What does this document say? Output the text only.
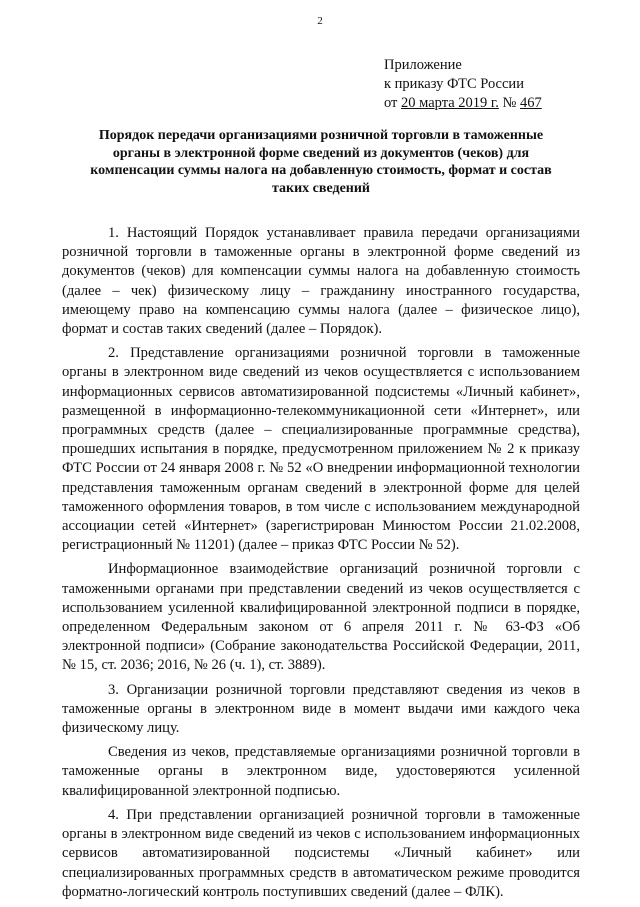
2
Приложение
к приказу ФТС России
от 20 марта 2019 г. № 467
Порядок передачи организациями розничной торговли в таможенные органы в электронной форме сведений из документов (чеков) для компенсации суммы налога на добавленную стоимость, формат и состав таких сведений

1. Настоящий Порядок устанавливает правила передачи организациями розничной торговли в таможенные органы в электронной форме сведений из документов (чеков) для компенсации суммы налога на добавленную стоимость (далее – чек) физическому лицу – гражданину иностранного государства, имеющему право на компенсацию суммы налога (далее – физическое лицо), формат и состав таких сведений (далее – Порядок).

2. Представление организациями розничной торговли в таможенные органы в электронном виде сведений из чеков осуществляется с использованием информационных сервисов автоматизированной подсистемы «Личный кабинет», размещенной в информационно-телекоммуникационной сети «Интернет», или программных средств (далее – специализированные программные средства), прошедших испытания в порядке, предусмотренном приложением № 2 к приказу ФТС России от 24 января 2008 г. № 52 «О внедрении информационной технологии представления таможенным органам сведений в электронной форме для целей таможенного оформления товаров, в том числе с использованием международной ассоциации сетей «Интернет» (зарегистрирован Минюстом России 21.02.2008, регистрационный № 11201) (далее – приказ ФТС России № 52).

Информационное взаимодействие организаций розничной торговли с таможенными органами при представлении сведений из чеков осуществляется с использованием усиленной квалифицированной электронной подписи в порядке, определенном Федеральным законом от 6 апреля 2011 г. № 63-ФЗ «Об электронной подписи» (Собрание законодательства Российской Федерации, 2011, № 15, ст. 2036; 2016, № 26 (ч. 1), ст. 3889).

3. Организации розничной торговли представляют сведения из чеков в таможенные органы в электронном виде в момент выдачи ими каждого чека физическому лицу.

Сведения из чеков, представляемые организациями розничной торговли в таможенные органы в электронном виде, удостоверяются усиленной квалифицированной электронной подписью.

4. При представлении организацией розничной торговли в таможенные органы в электронном виде сведений из чеков с использованием информационных сервисов автоматизированной подсистемы «Личный кабинет» или специализированных программных средств в автоматическом режиме проводится форматно-логический контроль поступивших сведений (далее – ФЛК).
